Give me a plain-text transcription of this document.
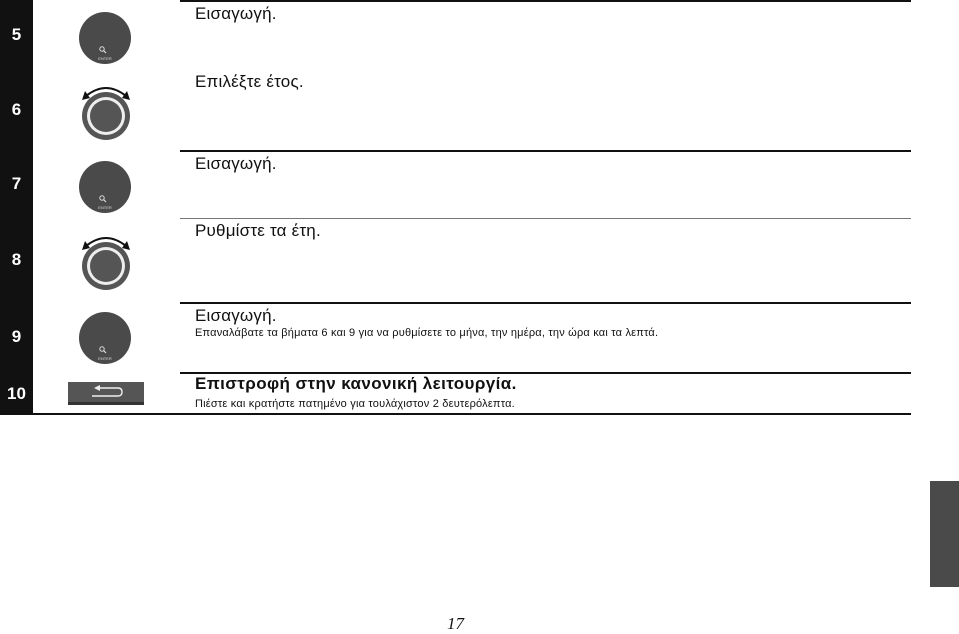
5
ENTER
Εισαγωγή.
6
Επιλέξτε έτος.
7
ENTER
Εισαγωγή.
8
Ρυθμίστε τα έτη.
9
ENTER
Εισαγωγή.
Επαναλάβατε τα βήματα 6 και 9 για να ρυθμίσετε το μήνα, την ημέρα, την ώρα και τα λεπτά.
10	Επιστροφή στην κανονική λειτουργία.
Πιέστε και κρατήστε πατημένο για τουλάχιστον 2 δευτερόλεπτα.
17
